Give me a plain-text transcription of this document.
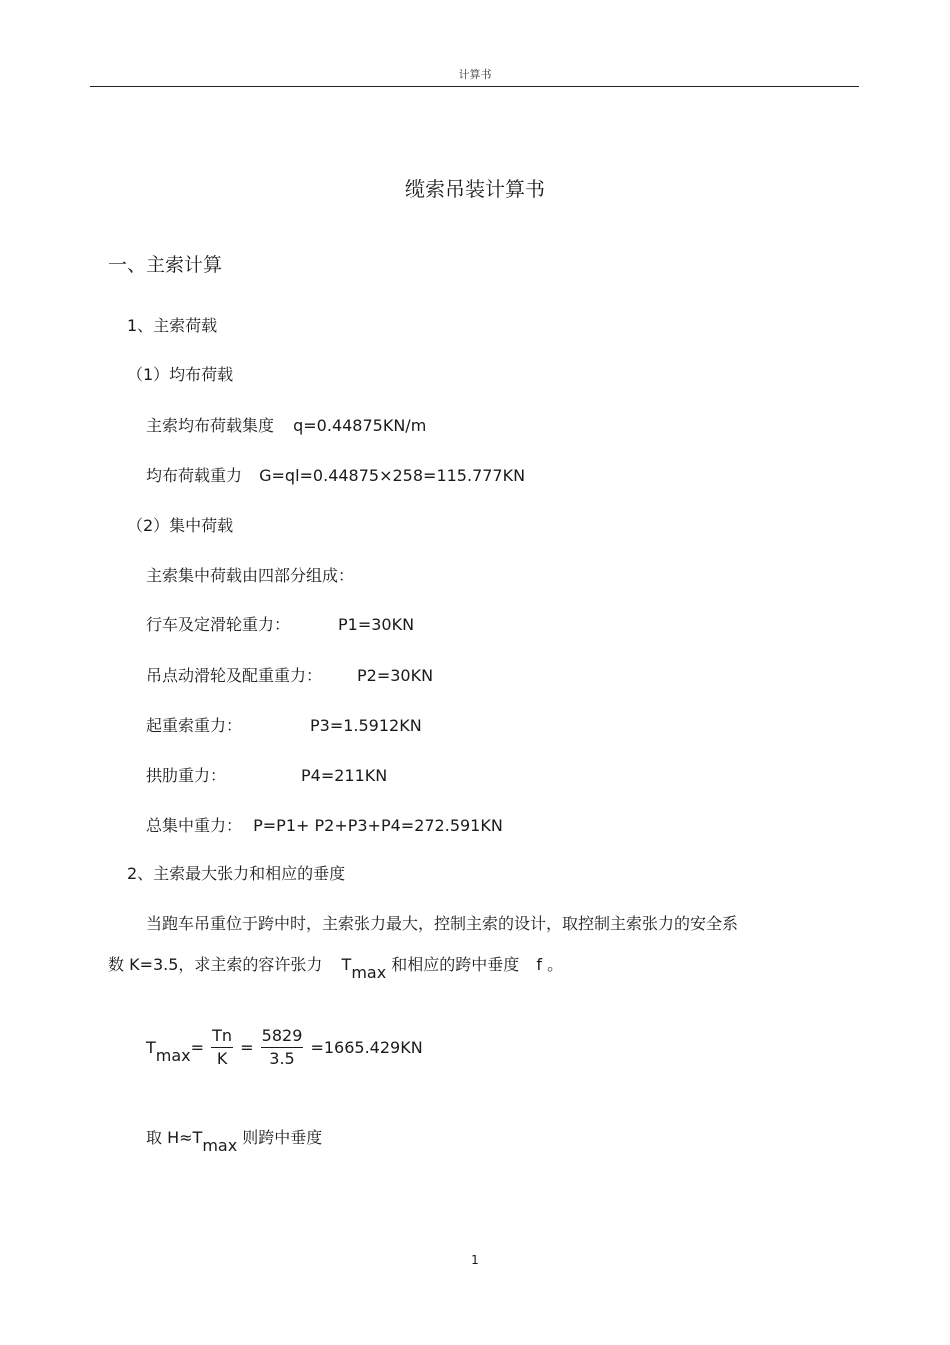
计算书
缆索吊装计算书
一、主索计算
1、主索荷载
（1）均布荷载
主索均布荷载集度 q=0.44875KN/m
均布荷载重力 G=ql=0.44875×258=115.777KN
（2）集中荷载
主索集中荷载由四部分组成：
行车及定滑轮重力：	P1=30KN
吊点动滑轮及配重重力： P2=30KN
起重索重力：	P3=1.5912KN
拱肋重力：	P4=211KN
总集中重力： P=P1+ P2+P3+P4=272.591KN
2、主索最大张力和相应的垂度
当跑车吊重位于跨中时，主索张力最大，控制主索的设计，取控制主索张力的安全系
数 K=3.5，求主索的容许张力 Tmax 和相应的跨中垂度 f 。
$Tmax= \frac{Tn}{K} = \frac{5829}{3.5} =1665.429KN$
取 H≈Tmax 则跨中垂度
1
